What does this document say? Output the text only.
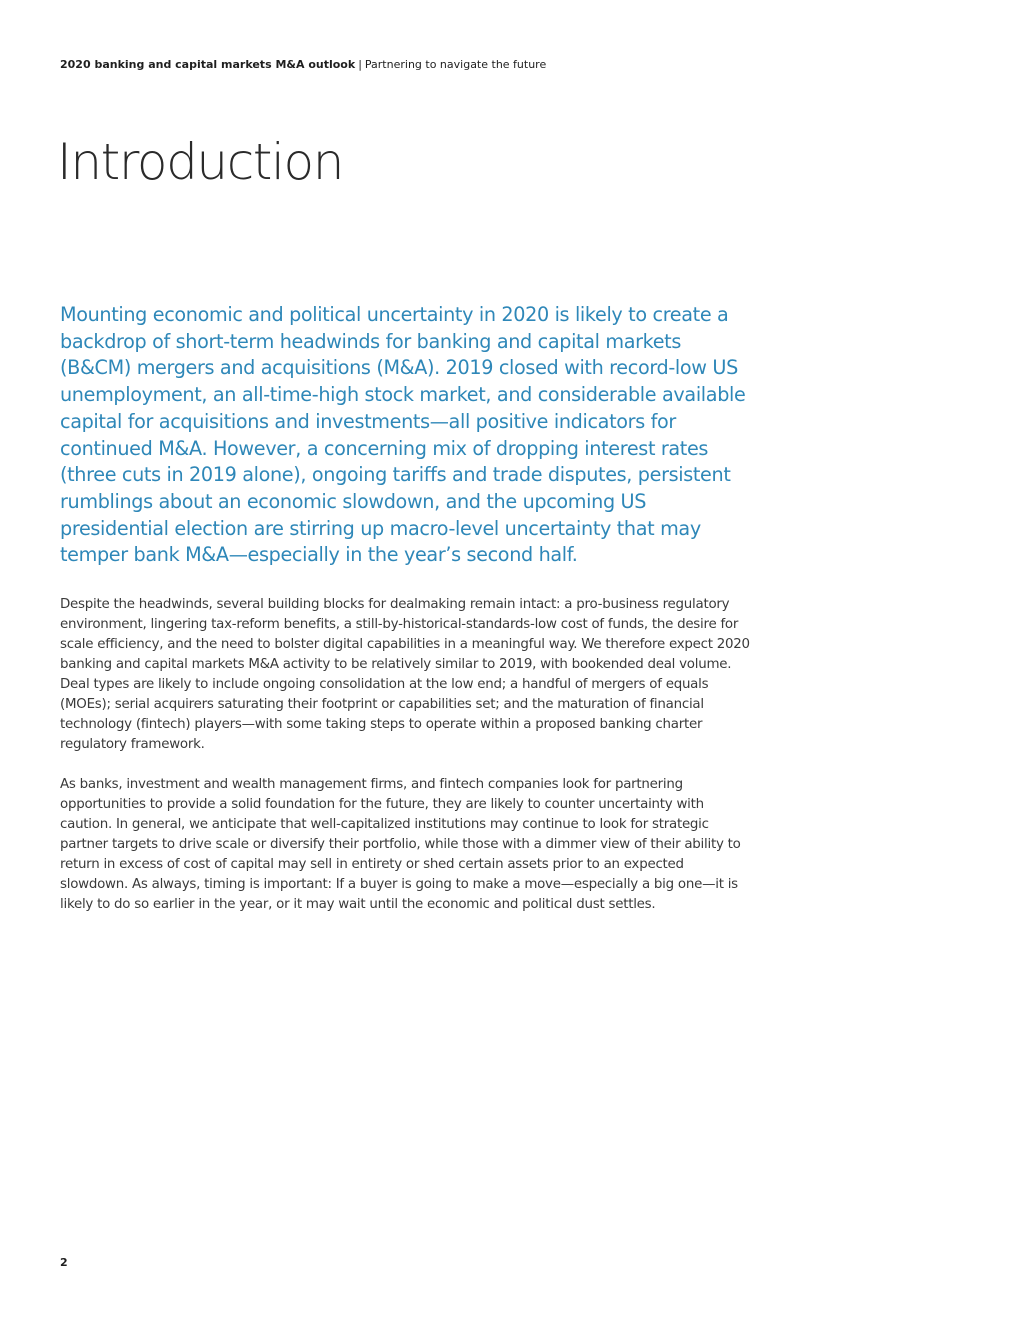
2020 banking and capital markets M&A outlook | Partnering to navigate the future
Introduction

Mounting economic and political uncertainty in 2020 is likely to create a backdrop of short-term headwinds for banking and capital markets (B&CM) mergers and acquisitions (M&A). 2019 closed with record-low US unemployment, an all-time-high stock market, and considerable available capital for acquisitions and investments—all positive indicators for continued M&A. However, a concerning mix of dropping interest rates (three cuts in 2019 alone), ongoing tariffs and trade disputes, persistent rumblings about an economic slowdown, and the upcoming US presidential election are stirring up macro-level uncertainty that may temper bank M&A—especially in the year’s second half.

Despite the headwinds, several building blocks for dealmaking remain intact: a pro-business regulatory environment, lingering tax-reform benefits, a still-by-historical-standards-low cost of funds, the desire for scale efficiency, and the need to bolster digital capabilities in a meaningful way. We therefore expect 2020 banking and capital markets M&A activity to be relatively similar to 2019, with bookended deal volume. Deal types are likely to include ongoing consolidation at the low end; a handful of mergers of equals (MOEs); serial acquirers saturating their footprint or capabilities set; and the maturation of financial technology (fintech) players—with some taking steps to operate within a proposed banking charter regulatory framework.

As banks, investment and wealth management firms, and fintech companies look for partnering opportunities to provide a solid foundation for the future, they are likely to counter uncertainty with caution. In general, we anticipate that well-capitalized institutions may continue to look for strategic partner targets to drive scale or diversify their portfolio, while those with a dimmer view of their ability to return in excess of cost of capital may sell in entirety or shed certain assets prior to an expected slowdown. As always, timing is important: If a buyer is going to make a move—especially a big one—it is likely to do so earlier in the year, or it may wait until the economic and political dust settles.

2
